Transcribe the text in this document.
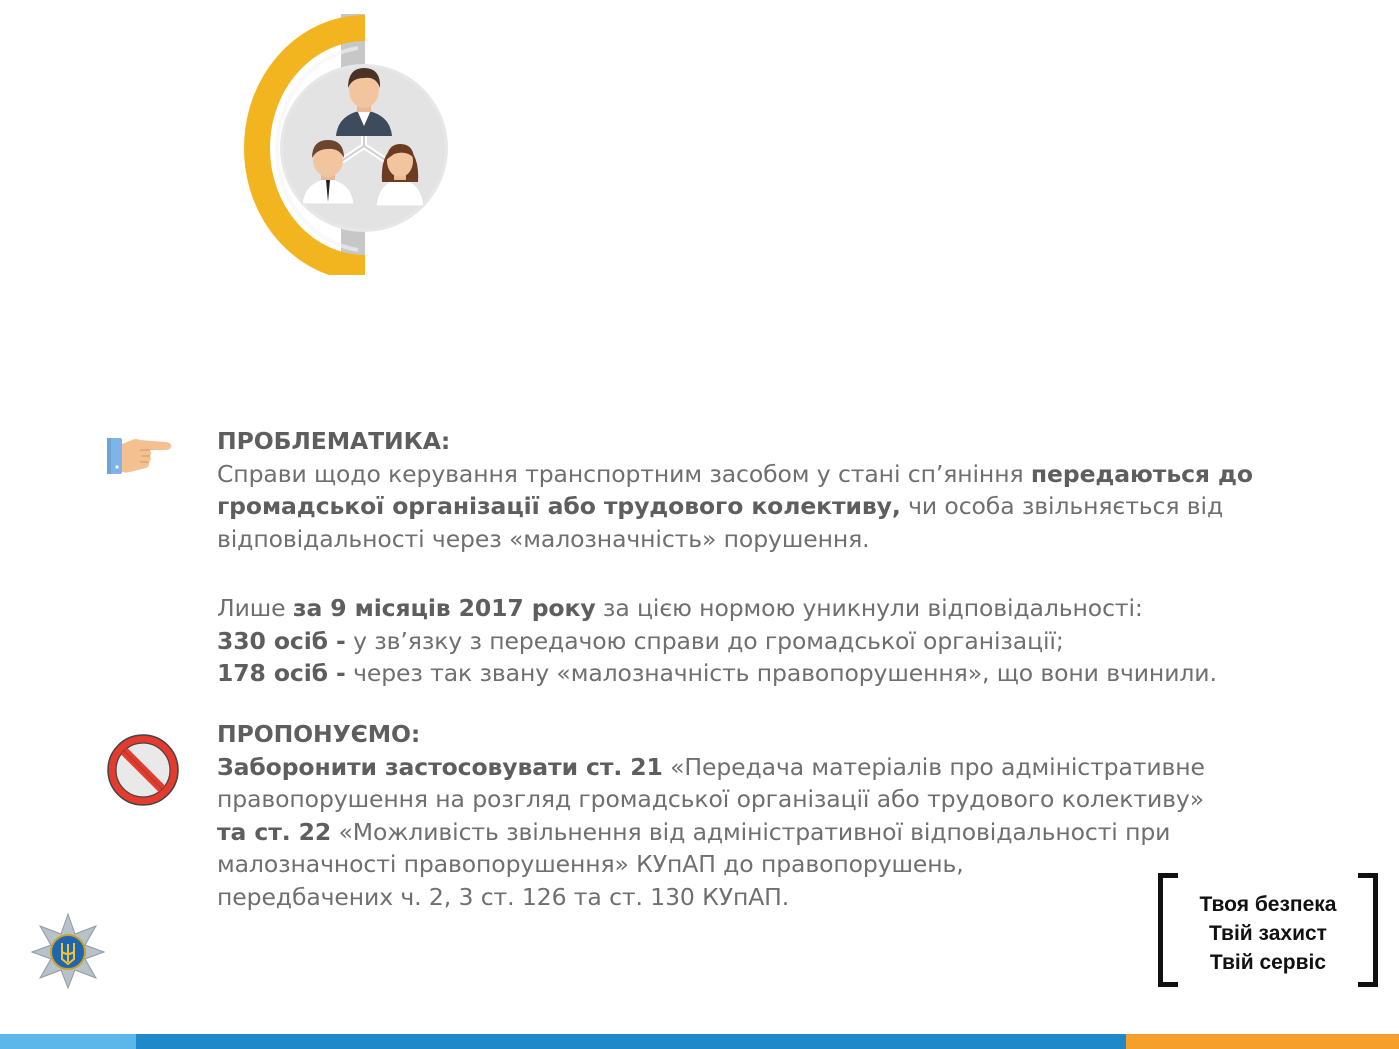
ПРОБЛЕМАТИКА:
Справи щодо керування транспортним засобом у стані сп’яніння передаються до
громадської організації або трудового колективу, чи особа звільняється від
відповідальності через «малозначність» порушення.
Лише за 9 місяців 2017 року за цією нормою уникнули відповідальності:
330 осіб - у зв’язку з передачою справи до громадської організації;
178 осіб - через так звану «малозначність правопорушення», що вони вчинили.
ПРОПОНУЄМО:
Заборонити застосовувати ст. 21 «Передача матеріалів про адміністративне
правопорушення на розгляд громадської організації або трудового колективу»
та ст. 22 «Можливість звільнення від адміністративної відповідальності при
малозначності правопорушення» КУпАП до правопорушень,
передбачених ч. 2, 3 ст. 126 та ст. 130 КУпАП.	Твоя безпека
Твій захист
Твій сервіс
